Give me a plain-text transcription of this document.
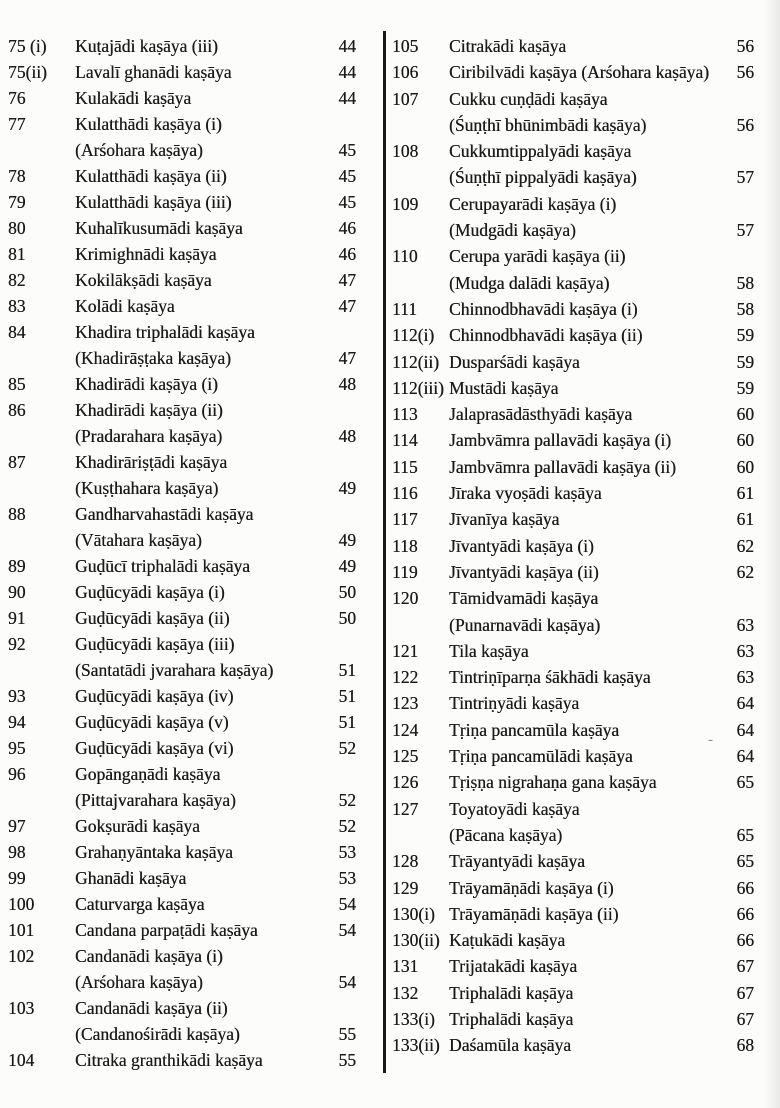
75 (i)	Kuṭajādi kaṣāya (iii)	44
75(ii)	Lavalī ghanādi kaṣāya	44
76	Kulakādi kaṣāya	44
77	Kulatthādi kaṣāya (i)
(Arśohara kaṣāya)	45
78	Kulatthādi kaṣāya (ii)	45
79	Kulatthādi kaṣāya (iii)	45
80	Kuhalīkusumādi kaṣāya	46
81	Krimighnādi kaṣāya	46
82	Kokilākṣādi kaṣāya	47
83	Kolādi kaṣāya	47
84	Khadira triphalādi kaṣāya
(Khadirāṣṭaka kaṣāya)	47
85	Khadirādi kaṣāya (i)	48
86	Khadirādi kaṣāya (ii)
(Pradarahara kaṣāya)	48
87	Khadirāriṣṭādi kaṣāya
(Kuṣṭhahara kaṣāya)	49
88	Gandharvahastādi kaṣāya
(Vātahara kaṣāya)	49
89	Guḍūcī triphalādi kaṣāya	49
90	Guḍūcyādi kaṣāya (i)	50
91	Guḍūcyādi kaṣāya (ii)	50
92	Guḍūcyādi kaṣāya (iii)
(Santatādi jvarahara kaṣāya)	51
93	Guḍūcyādi kaṣāya (iv)	51
94	Guḍūcyādi kaṣāya (v)	51
95	Guḍūcyādi kaṣāya (vi)	52
96	Gopāngaṇādi kaṣāya
(Pittajvarahara kaṣāya)	52
97	Gokṣurādi kaṣāya	52
98	Grahaṇyāntaka kaṣāya	53
99	Ghanādi kaṣāya	53
100	Caturvarga kaṣāya	54
101	Candana parpaṭādi kaṣāya	54
102	Candanādi kaṣāya (i)
(Arśohara kaṣāya)	54
103	Candanādi kaṣāya (ii)
(Candanośirādi kaṣāya)	55
104	Citraka granthikādi kaṣāya	55
105	Citrakādi kaṣāya	56
106	Ciribilvādi kaṣāya (Arśohara kaṣāya)	56
107	Cukku cuṇḍādi kaṣāya
(Śuṇṭhī bhūnimbādi kaṣāya)	56
108	Cukkumtippalyādi kaṣāya
(Śuṇṭhī pippalyādi kaṣāya)	57
109	Cerupayarādi kaṣāya (i)
(Mudgādi kaṣāya)	57
110	Cerupa yarādi kaṣāya (ii)
(Mudga dalādi kaṣāya)	58
111	Chinnodbhavādi kaṣāya (i)	58
112(i) Chinnodbhavādi kaṣāya (ii)	59
112(ii) Dusparśādi kaṣāya	59
112(iii) Mustādi kaṣāya	59
113	Jalaprasādāsthyādi kaṣāya	60
114	Jambvāmra pallavādi kaṣāya (i)	60
115	Jambvāmra pallavādi kaṣāya (ii)	60
116	Jīraka vyoṣādi kaṣāya	61
117	Jīvanīya kaṣāya	61
118	Jīvantyādi kaṣāya (i)	62
119	Jīvantyādi kaṣāya (ii)	62
120	Tāmidvamādi kaṣāya
(Punarnavādi kaṣāya)	63
121	Tila kaṣāya	63
122	Tintriṇīparṇa śākhādi kaṣāya	63
123	Tintriṇyādi kaṣāya	64
124	Tṛiṇa pancamūla kaṣāya	64
125	Tṛiṇa pancamūlādi kaṣāya	64
126	Tṛiṣṇa nigrahaṇa gana kaṣāya	65
127	Toyatoyādi kaṣāya
(Pācana kaṣāya)	65
128	Trāyantyādi kaṣāya	65
129	Trāyamāṇādi kaṣāya (i)	66
130(i) Trāyamāṇādi kaṣāya (ii)	66
130(ii) Kaṭukādi kaṣāya	66
131	Trijatakādi kaṣāya	67
132	Triphalādi kaṣāya	67
133(i) Triphalādi kaṣāya	67
133(ii) Daśamūla kaṣāya	68
-
